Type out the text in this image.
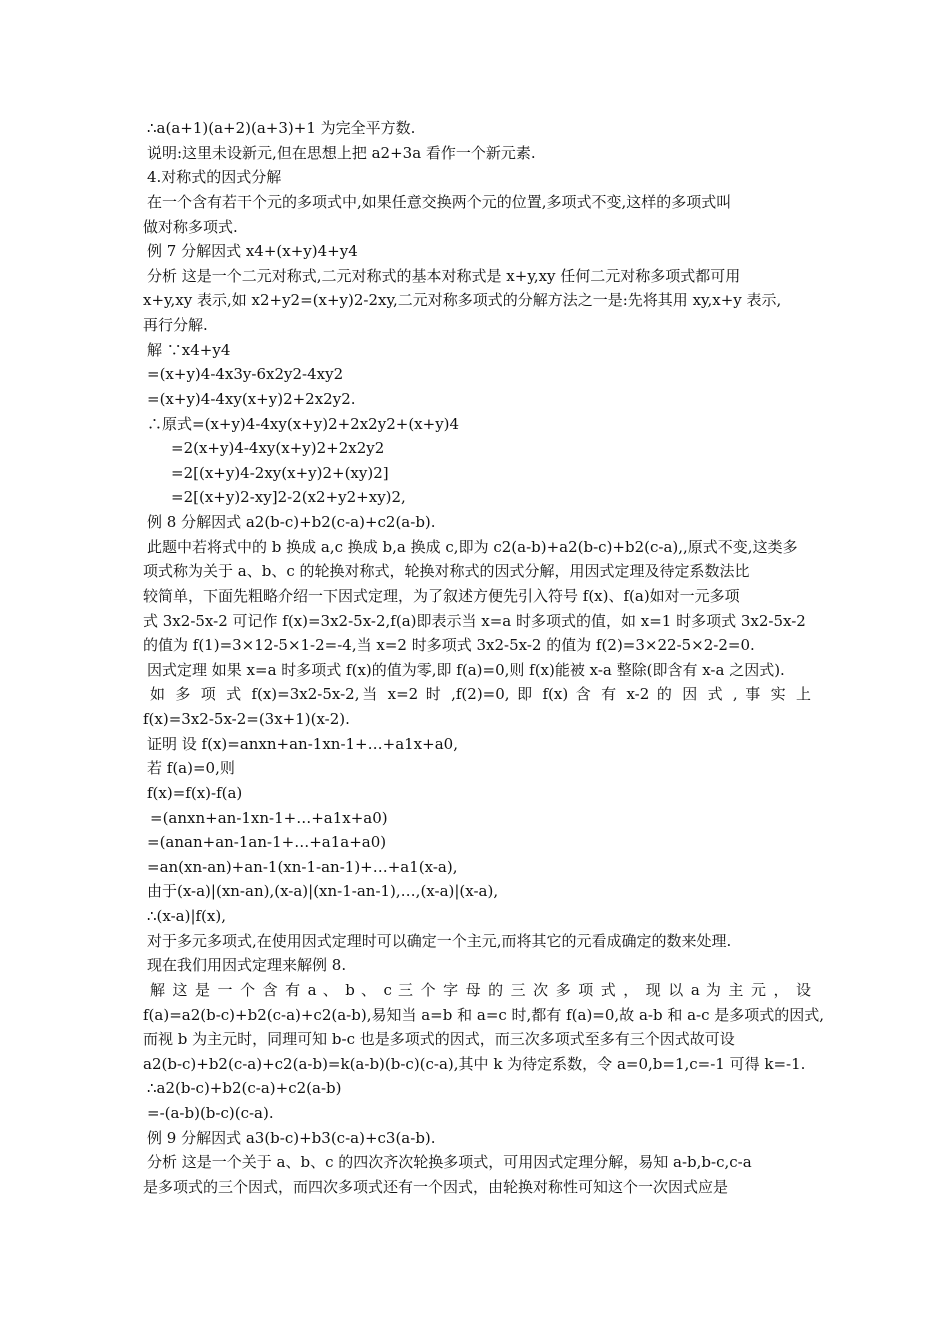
∴a(a+1)(a+2)(a+3)+1 为完全平方数.
说明:这里未设新元,但在思想上把 a2+3a 看作一个新元素.
4.对称式的因式分解
在一个含有若干个元的多项式中,如果任意交换两个元的位置,多项式不变,这样的多项式叫
做对称多项式.
例 7 分解因式 x4+(x+y)4+y4
分析 这是一个二元对称式,二元对称式的基本对称式是 x+y,xy 任何二元对称多项式都可用
x+y,xy 表示,如 x2+y2=(x+y)2-2xy,二元对称多项式的分解方法之一是:先将其用 xy,x+y 表示,
再行分解.
解 ∵x4+y4
=(x+y)4-4x3y-6x2y2-4xy2
=(x+y)4-4xy(x+y)2+2x2y2.
∴原式=(x+y)4-4xy(x+y)2+2x2y2+(x+y)4
=2(x+y)4-4xy(x+y)2+2x2y2
=2[(x+y)4-2xy(x+y)2+(xy)2]
=2[(x+y)2-xy]2-2(x2+y2+xy)2,
例 8 分解因式 a2(b-c)+b2(c-a)+c2(a-b).
此题中若将式中的 b 换成 a,c 换成 b,a 换成 c,即为 c2(a-b)+a2(b-c)+b2(c-a),,原式不变,这类多
项式称为关于 a、b、c 的轮换对称式，轮换对称式的因式分解，用因式定理及待定系数法比
较简单，下面先粗略介绍一下因式定理，为了叙述方便先引入符号 f(x)、f(a)如对一元多项
式 3x2-5x-2 可记作 f(x)=3x2-5x-2,f(a)即表示当 x=a 时多项式的值，如 x=1 时多项式 3x2-5x-2
的值为 f(1)=3×12-5×1-2=-4,当 x=2 时多项式 3x2-5x-2 的值为 f(2)=3×22-5×2-2=0.
因式定理 如果 x=a 时多项式 f(x)的值为零,即 f(a)=0,则 f(x)能被 x-a 整除(即含有 x-a 之因式).
如 多 项 式 f(x)=3x2-5x-2,当 x=2 时 ,f(2)=0, 即 f(x) 含 有 x-2 的 因 式 , 事 实 上
f(x)=3x2-5x-2=(3x+1)(x-2).
证明 设 f(x)=anxn+an-1xn-1+…+a1x+a0,
若 f(a)=0,则
f(x)=f(x)-f(a)
=(anxn+an-1xn-1+…+a1x+a0)
=(anan+an-1an-1+…+a1a+a0)
=an(xn-an)+an-1(xn-1-an-1)+…+a1(x-a),
由于(x-a)|(xn-an),(x-a)|(xn-1-an-1),…,(x-a)|(x-a),
∴(x-a)|f(x),
对于多元多项式,在使用因式定理时可以确定一个主元,而将其它的元看成确定的数来处理.
现在我们用因式定理来解例 8.
解 这 是 一 个 含 有 a 、 b 、 c 三 个 字 母 的 三 次 多 项 式 ， 现 以 a 为 主 元 ， 设
f(a)=a2(b-c)+b2(c-a)+c2(a-b),易知当 a=b 和 a=c 时,都有 f(a)=0,故 a-b 和 a-c 是多项式的因式,
而视 b 为主元时，同理可知 b-c 也是多项式的因式，而三次多项式至多有三个因式故可设
a2(b-c)+b2(c-a)+c2(a-b)=k(a-b)(b-c)(c-a),其中 k 为待定系数，令 a=0,b=1,c=-1 可得 k=-1.
∴a2(b-c)+b2(c-a)+c2(a-b)
=-(a-b)(b-c)(c-a).
例 9 分解因式 a3(b-c)+b3(c-a)+c3(a-b).
分析 这是一个关于 a、b、c 的四次齐次轮换多项式，可用因式定理分解，易知 a-b,b-c,c-a
是多项式的三个因式，而四次多项式还有一个因式，由轮换对称性可知这个一次因式应是
